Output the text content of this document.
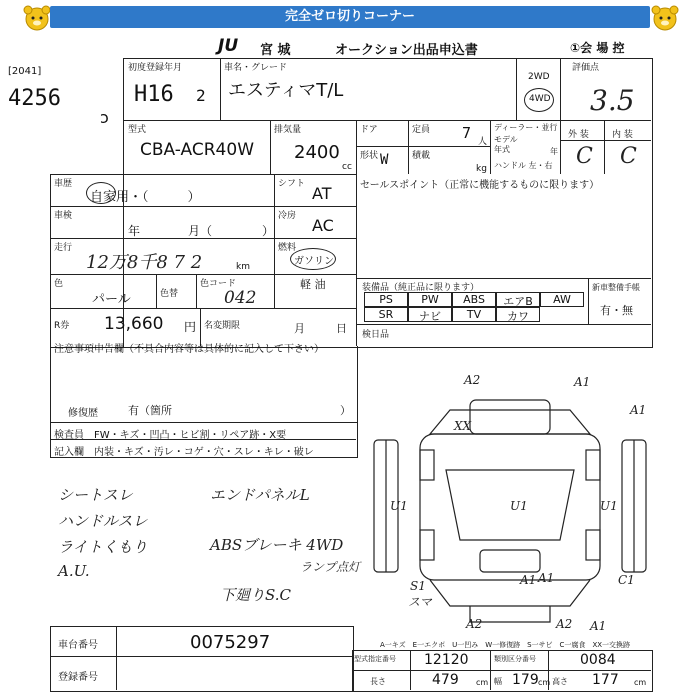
完全ゼロ切りコーナー
JU 宮 城	オークション出品申込書	①会 場 控
[2041]
4256
ɔ
初度登録年月
H16 2
車名・グレード
エスティマT/L
2WD
4WD
評価点
3.5
型式
CBA-ACR40W
排気量
2400
cc
ドア	定員 7 人
形状 W	積載
kg
ディーラー・並行
モデル
年式	年
ハンドル 左・右
外 装	内 装
C C
車歴
自家用・（　　　）
シフト AT
車検
年	月（	）
冷房 AC
走行
12万8千8 7 2	km
燃料
ガソリン
軽 油
色
パール	色替
色コード
042
R券 13,660 円 名変期限	月	日
セールスポイント（正常に機能するものに限ります）
装備品（純正品に限ります）	新車整備手帳
有・無
PS	PW	ABS	エアB	AW
SR	ナビ	TV	カワ
検日品
注意事項申告欄（不具合内容等は具体的に記入して下さい）
修復歴	有（箇所	）
検査員 FW・キズ・凹凸・ヒビ割・リペア跡・X要
記入欄 内装・キズ・汚レ・コゲ・穴・スレ・キレ・破レ
シートスレ
ハンドルスレ
ライトくもり
A.U.
エンドパネルL
ABSブレーキ 4WD
ランプ点灯
下廻りS.C
A2	A1
A1
U1
XX
U1	U1
A1
S1	C1
A2
A1
A1
A2
スマ
A一キズ　E一エクボ　U一凹み　W一修復跡　S一サビ　C一腐食　XX一交換跡
車台番号	0075297
登録番号
型式指定番号 12120	類別区分番号	0084
長さ	479 cm 幅 179 cm 高さ 177 cm
